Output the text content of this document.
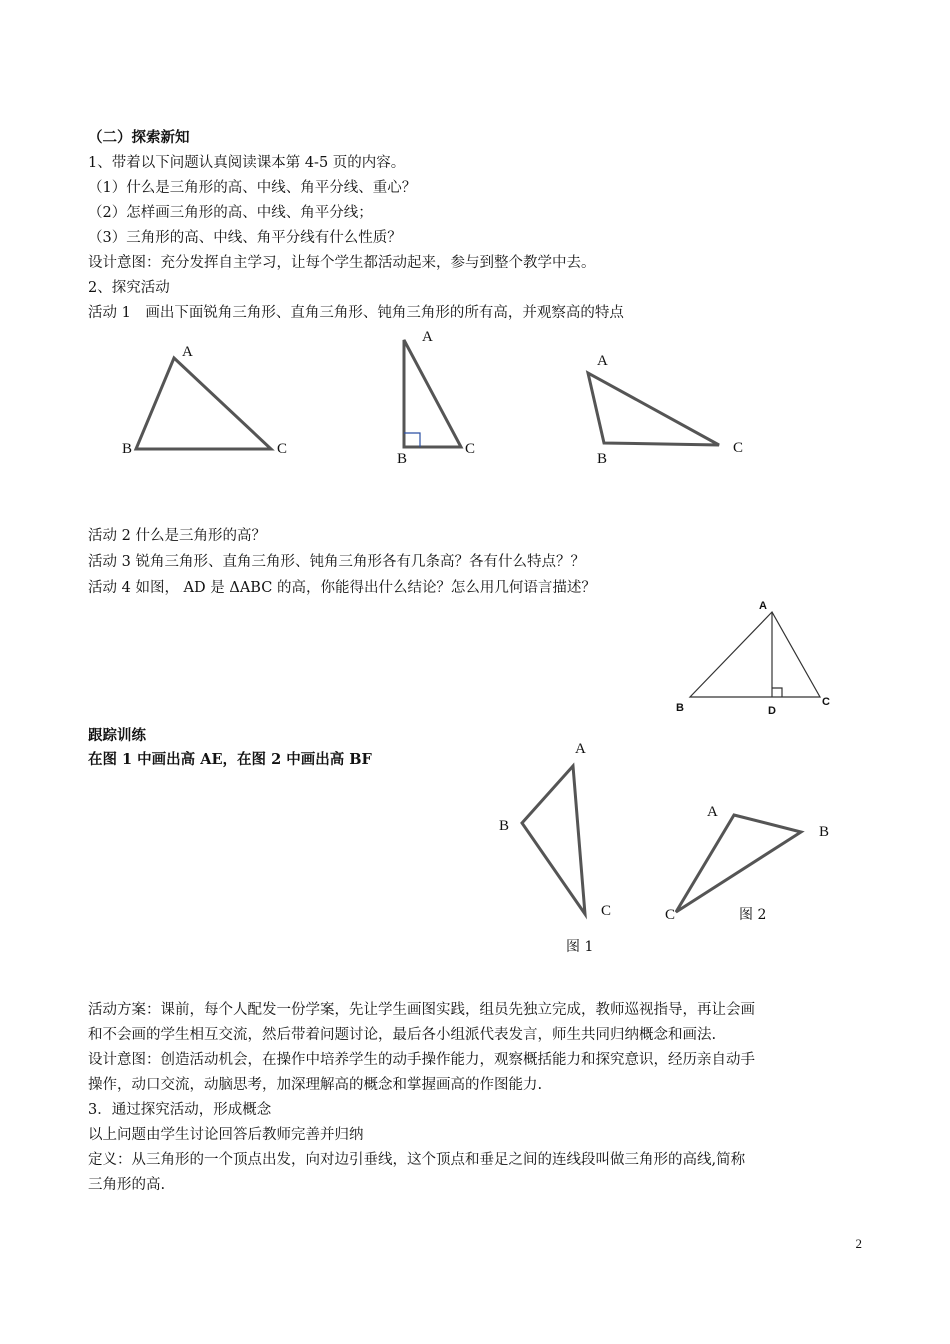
（二）探索新知
1、带着以下问题认真阅读课本第 4-5 页的内容。
（1）什么是三角形的高、中线、角平分线、重心？
（2）怎样画三角形的高、中线、角平分线；
（3）三角形的高、中线、角平分线有什么性质？
设计意图：充分发挥自主学习，让每个学生都活动起来，参与到整个教学中去。
2、探究活动
活动 1　画出下面锐角三角形、直角三角形、钝角三角形的所有高，并观察高的特点
A
B	C
A
B
C
A
B
C
活动 2 什么是三角形的高？
活动 3 锐角三角形、直角三角形、钝角三角形各有几条高？各有什么特点？？
活动 4 如图， AD 是 ΔABC 的高，你能得出什么结论？怎么用几何语言描述？
A
B	C
D
跟踪训练
在图 1 中画出高 AE，在图 2 中画出高 BF
A
B
C
图 1
A
B
C	图 2
活动方案：课前，每个人配发一份学案，先让学生画图实践，组员先独立完成，教师巡视指导，再让会画
和不会画的学生相互交流，然后带着问题讨论，最后各小组派代表发言，师生共同归纳概念和画法.
设计意图：创造活动机会，在操作中培养学生的动手操作能力，观察概括能力和探究意识，经历亲自动手
操作，动口交流，动脑思考，加深理解高的概念和掌握画高的作图能力.
3．通过探究活动，形成概念
以上问题由学生讨论回答后教师完善并归纳
定义：从三角形的一个顶点出发，向对边引垂线，这个顶点和垂足之间的连线段叫做三角形的高线,简称
三角形的高.
2
